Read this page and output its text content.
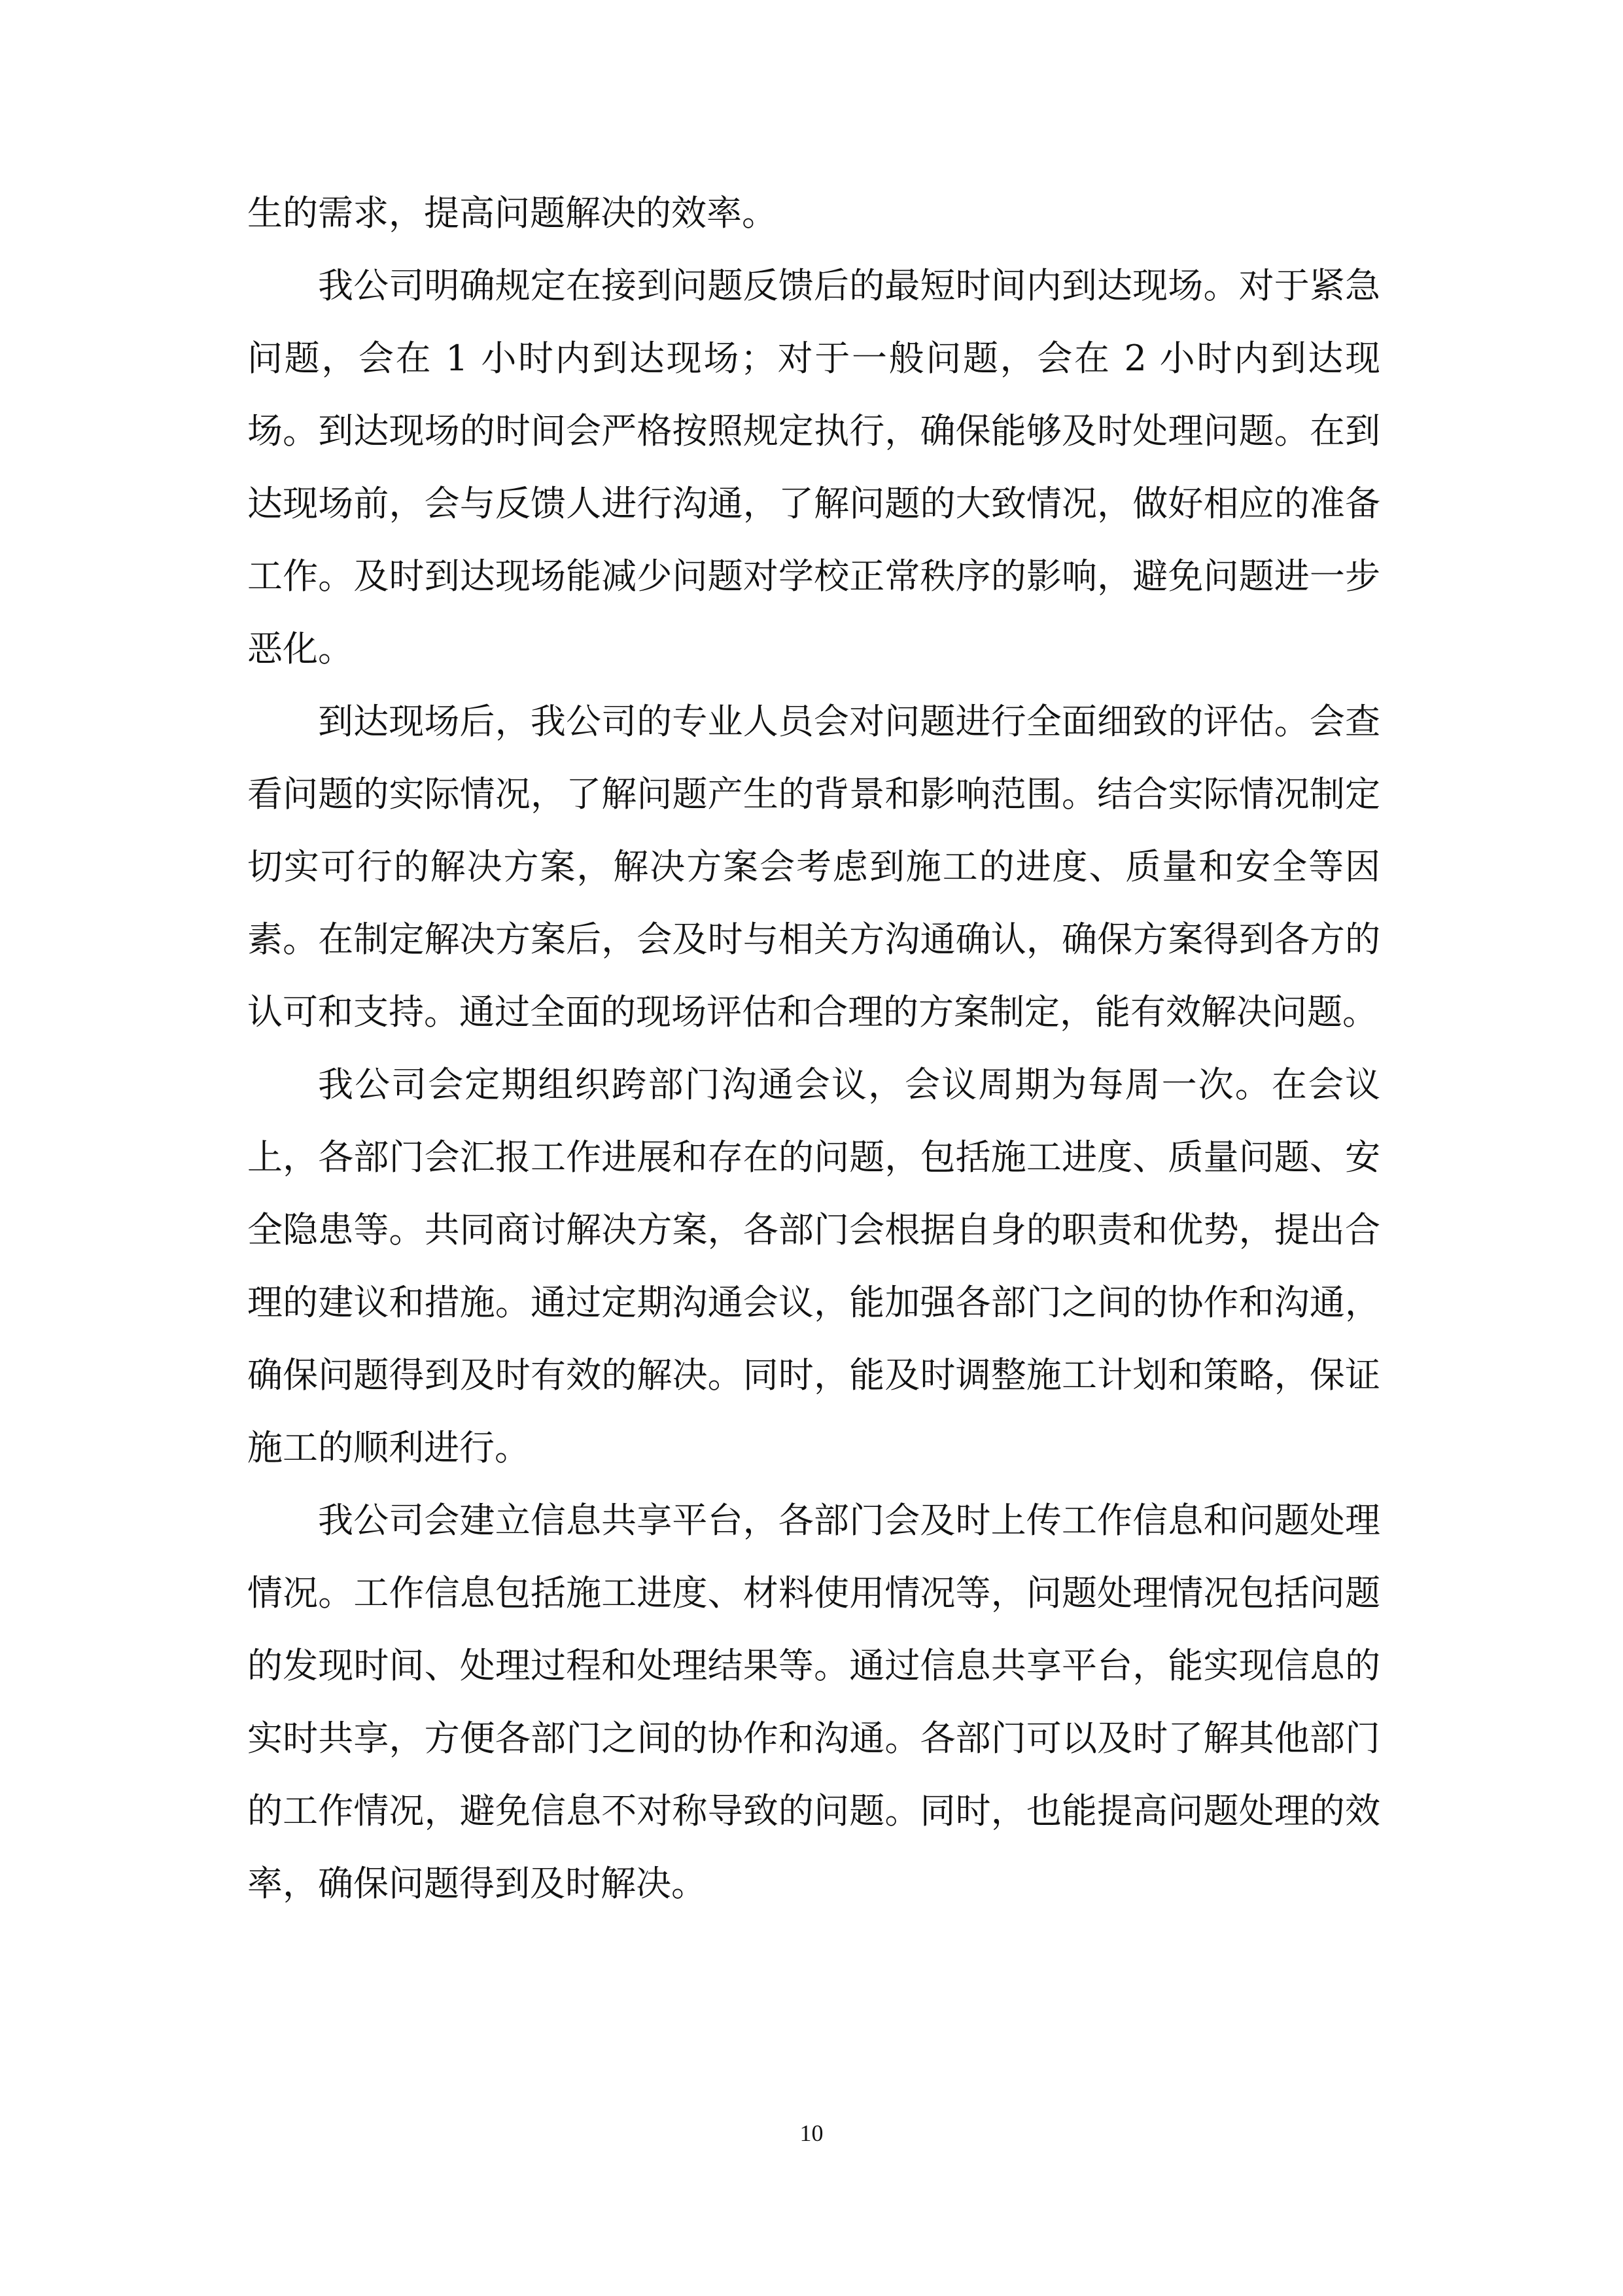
生的需求，提高问题解决的效率。

我公司明确规定在接到问题反馈后的最短时间内到达现场。对于紧急问题，会在 1 小时内到达现场；对于一般问题，会在 2 小时内到达现场。到达现场的时间会严格按照规定执行，确保能够及时处理问题。在到达现场前，会与反馈人进行沟通，了解问题的大致情况，做好相应的准备工作。及时到达现场能减少问题对学校正常秩序的影响，避免问题进一步恶化。

到达现场后，我公司的专业人员会对问题进行全面细致的评估。会查看问题的实际情况，了解问题产生的背景和影响范围。结合实际情况制定切实可行的解决方案，解决方案会考虑到施工的进度、质量和安全等因素。在制定解决方案后，会及时与相关方沟通确认，确保方案得到各方的认可和支持。通过全面的现场评估和合理的方案制定，能有效解决问题。

我公司会定期组织跨部门沟通会议，会议周期为每周一次。在会议上，各部门会汇报工作进展和存在的问题，包括施工进度、质量问题、安全隐患等。共同商讨解决方案，各部门会根据自身的职责和优势，提出合理的建议和措施。通过定期沟通会议，能加强各部门之间的协作和沟通，确保问题得到及时有效的解决。同时，能及时调整施工计划和策略，保证施工的顺利进行。

我公司会建立信息共享平台，各部门会及时上传工作信息和问题处理情况。工作信息包括施工进度、材料使用情况等，问题处理情况包括问题的发现时间、处理过程和处理结果等。通过信息共享平台，能实现信息的实时共享，方便各部门之间的协作和沟通。各部门可以及时了解其他部门的工作情况，避免信息不对称导致的问题。同时，也能提高问题处理的效率，确保问题得到及时解决。

10
